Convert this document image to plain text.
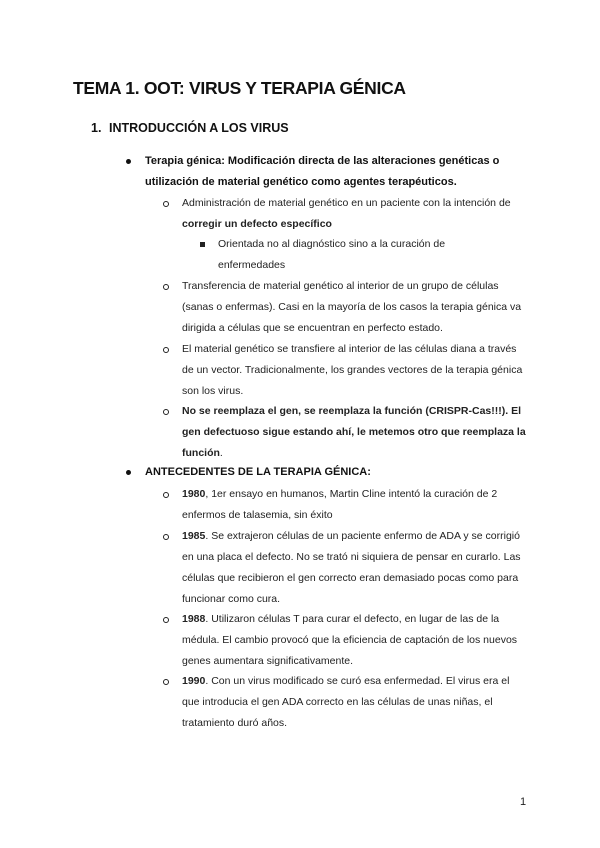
TEMA 1. OOT: VIRUS Y TERAPIA GÉNICA
1. INTRODUCCIÓN A LOS VIRUS
Terapia génica: Modificación directa de las alteraciones genéticas o utilización de material genético como agentes terapéuticos.
Administración de material genético en un paciente con la intención de corregir un defecto específico
Orientada no al diagnóstico sino a la curación de enfermedades
Transferencia de material genético al interior de un grupo de células (sanas o enfermas). Casi en la mayoría de los casos la terapia génica va dirigida a células que se encuentran en perfecto estado.
El material genético se transfiere al interior de las células diana a través de un vector. Tradicionalmente, los grandes vectores de la terapia génica son los virus.
No se reemplaza el gen, se reemplaza la función (CRISPR-Cas!!!). El gen defectuoso sigue estando ahí, le metemos otro que reemplaza la función.
ANTECEDENTES DE LA TERAPIA GÉNICA:
1980, 1er ensayo en humanos, Martin Cline intentó la curación de 2 enfermos de talasemia, sin éxito
1985. Se extrajeron células de un paciente enfermo de ADA y se corrigió en una placa el defecto. No se trató ni siquiera de pensar en curarlo. Las células que recibieron el gen correcto eran demasiado pocas como para funcionar como cura.
1988. Utilizaron células T para curar el defecto, en lugar de las de la médula. El cambio provocó que la eficiencia de captación de los nuevos genes aumentara significativamente.
1990. Con un virus modificado se curó esa enfermedad. El virus era el que introducia el gen ADA correcto en las células de unas niñas, el tratamiento duró años.
1
